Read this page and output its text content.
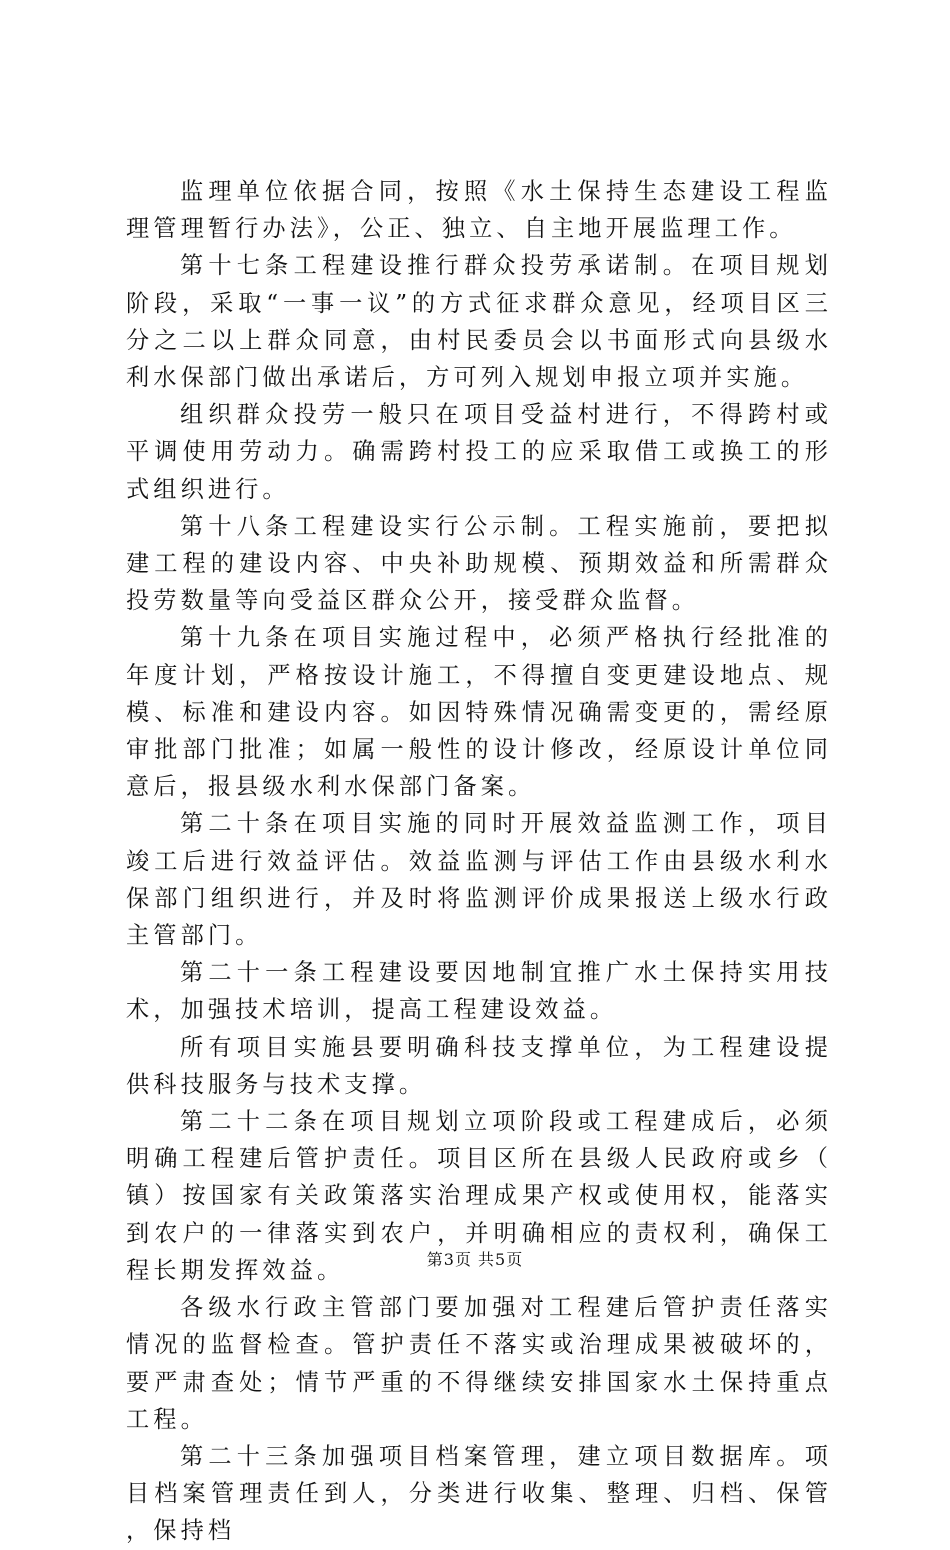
监理单位依据合同，按照《水土保持生态建设工程监理管理暂行办法》，公正、独立、自主地开展监理工作。

第十七条工程建设推行群众投劳承诺制。在项目规划阶段，采取“一事一议”的方式征求群众意见，经项目区三分之二以上群众同意，由村民委员会以书面形式向县级水利水保部门做出承诺后，方可列入规划申报立项并实施。

组织群众投劳一般只在项目受益村进行，不得跨村或平调使用劳动力。确需跨村投工的应采取借工或换工的形式组织进行。

第十八条工程建设实行公示制。工程实施前，要把拟建工程的建设内容、中央补助规模、预期效益和所需群众投劳数量等向受益区群众公开，接受群众监督。

第十九条在项目实施过程中，必须严格执行经批准的年度计划，严格按设计施工，不得擅自变更建设地点、规模、标准和建设内容。如因特殊情况确需变更的，需经原审批部门批准；如属一般性的设计修改，经原设计单位同意后，报县级水利水保部门备案。

第二十条在项目实施的同时开展效益监测工作，项目竣工后进行效益评估。效益监测与评估工作由县级水利水保部门组织进行，并及时将监测评价成果报送上级水行政主管部门。

第二十一条工程建设要因地制宜推广水土保持实用技术，加强技术培训，提高工程建设效益。

所有项目实施县要明确科技支撑单位，为工程建设提供科技服务与技术支撑。

第二十二条在项目规划立项阶段或工程建成后，必须明确工程建后管护责任。项目区所在县级人民政府或乡（镇）按国家有关政策落实治理成果产权或使用权，能落实到农户的一律落实到农户，并明确相应的责权利，确保工程长期发挥效益。

各级水行政主管部门要加强对工程建后管护责任落实情况的监督检查。管护责任不落实或治理成果被破坏的，要严肃查处；情节严重的不得继续安排国家水土保持重点工程。

第二十三条加强项目档案管理，建立项目数据库。项目档案管理责任到人，分类进行收集、整理、归档、保管，保持档

第3页 共5页
